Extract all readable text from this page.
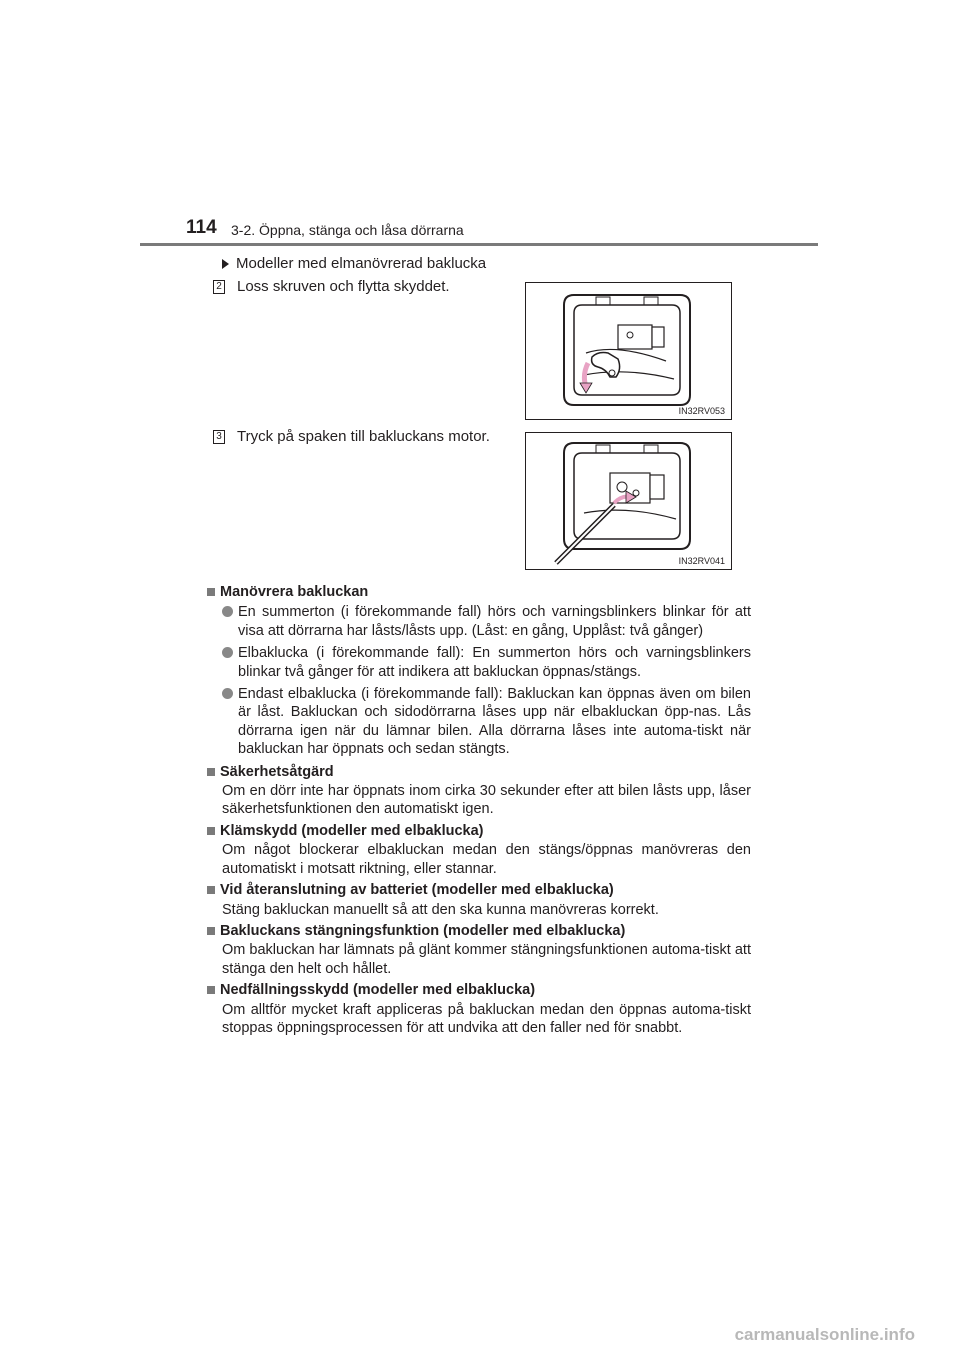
114 3-2. Öppna, stänga och låsa dörrarna
Modeller med elmanövrerad baklucka
2 Loss skruven och flytta skyddet.
IN32RV053
3 Tryck på spaken till bakluckans motor.
IN32RV041
Manövrera bakluckan
En summerton (i förekommande fall) hörs och varningsblinkers blinkar för att visa att dörrarna har låsts/låsts upp. (Låst: en gång, Upplåst: två gånger)
Elbaklucka (i förekommande fall): En summerton hörs och varningsblinkers blinkar två gånger för att indikera att bakluckan öppnas/stängs.
Endast elbaklucka (i förekommande fall): Bakluckan kan öppnas även om bilen är låst. Bakluckan och sidodörrarna låses upp när elbakluckan öpp-nas. Lås dörrarna igen när du lämnar bilen. Alla dörrarna låses inte automa-tiskt när bakluckan har öppnats och sedan stängts.
Säkerhetsåtgärd
Om en dörr inte har öppnats inom cirka 30 sekunder efter att bilen låsts upp, låser säkerhetsfunktionen den automatiskt igen.
Klämskydd (modeller med elbaklucka)
Om något blockerar elbakluckan medan den stängs/öppnas manövreras den automatiskt i motsatt riktning, eller stannar.
Vid återanslutning av batteriet (modeller med elbaklucka)
Stäng bakluckan manuellt så att den ska kunna manövreras korrekt.
Bakluckans stängningsfunktion (modeller med elbaklucka)
Om bakluckan har lämnats på glänt kommer stängningsfunktionen automa-tiskt att stänga den helt och hållet.
Nedfällningsskydd (modeller med elbaklucka)
Om alltför mycket kraft appliceras på bakluckan medan den öppnas automa-tiskt stoppas öppningsprocessen för att undvika att den faller ned för snabbt.
carmanualsonline.info
